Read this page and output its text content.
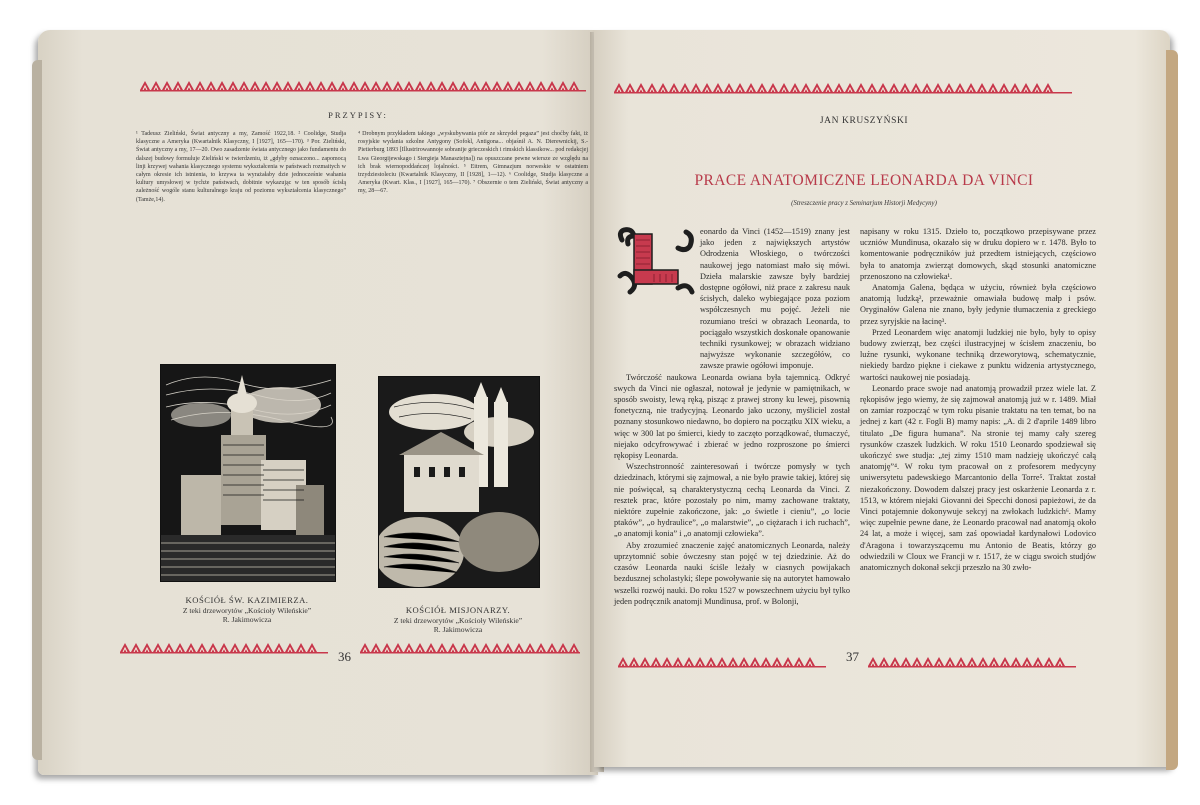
PRZYPISY:
¹ Tadeusz Zieliński, Świat antyczny a my, Zamość 1922,18. ² Coolidge, Studja klasyczne a Ameryka (Kwartalnik Klasyczny, I [1927], 165—170). ³ Por. Zieliński, Świat antyczny a my, 17—20. Owo zasadzenie świata antycznego jako fundamentu do dalszej budowy formuluje Zieliński w twierdzeniu, iż „gdyby oznaczono... zapomocą linji krzywej wahania klasycznego systemu wykształcenia w państwach rozmaitych w całym okresie ich istnienia, to krzywa ta wyrażałaby dzie jednocześnie wahania kultury umysłowej w tychże państwach, dobitnie wykazując w ten sposób ścisłą zależność wogóle stanu kulturalnego kraju od poziomu wykształcenia klasycznego” (Tamże,14).
⁴ Drobnym przykładem takiego „wyskubywania piór ze skrzydeł pegaza” jest choćby fakt, iż rosyjskie wydania szkolne Antygony (Sofokl, Antigona... objaśnił A. N. Dierewnickij, S.-Pietierburg 1893 [Illustrirowannoje sobranije grieczeskich i rimskich klassikow... pod redakcjej Lwa Gieorgijewskago i Siergieja Manasztejna]) na opuszczane pewne wiersze ze względu na ich brak wiernopoddańczej lojalności. ⁵ Eitrem, Gimnazjum norweskie w ostatniem trzydziestoleciu (Kwartalnik Klasyczny, II [1928], 1—12). ⁶ Coolidge, Studja klasyczne a Ameryka (Kwart. Klas., I [1927], 165—170). ⁷ Obszernie o tem Zieliński, Świat antyczny a my, 28—67.
KOŚCIÓŁ ŚW. KAZIMIERZA.
Z teki drzeworytów „Kościoły Wileńskie”
R. Jakimowicza
KOŚCIÓŁ MISJONARZY.
Z teki drzeworytów „Kościoły Wileńskie”
R. Jakimowicza
36
JAN KRUSZYŃSKI
PRACE ANATOMICZNE LEONARDA DA VINCI
(Streszczenie pracy z Seminarjum Historji Medycyny)

eonardo da Vinci (1452—1519) znany jest jako jeden z największych artystów Odrodzenia Włoskiego, o twórczości naukowej jego natomiast mało się mówi. Dzieła malarskie zawsze były bardziej dostępne ogółowi, niż prace z zakresu nauk ścisłych, daleko wybiegające poza poziom współczesnych mu pojęć. Jeżeli nie rozumiano treści w obrazach Leonarda, to pociągało wszystkich doskonałe opanowanie techniki rysunkowej; w obrazach widziano najwyższe wykonanie szczegółów, co zawsze prawie ogółowi imponuje.

Twórczość naukowa Leonarda owiana była tajemnicą. Odkryć swych da Vinci nie ogłaszał, notował je jedynie w pamiętnikach, w sposób swoisty, lewą ręką, pisząc z prawej strony ku lewej, pisownią fonetyczną, nie tradycyjną. Leonardo jako uczony, myśliciel został poznany stosunkowo niedawno, bo dopiero na początku XIX wieku, a więc w 300 lat po śmierci, kiedy to zaczęto porządkować, tłumaczyć, niejako odcyfrowywać i zbierać w jedno rozproszone po śmierci rękopisy Leonarda.

Wszechstronność zainteresowań i twórcze pomysły w tych dziedzinach, którymi się zajmował, a nie było prawie takiej, której się nie poświęcał, są charakterystyczną cechą Leonarda da Vinci. Z resztek prac, które pozostały po nim, mamy zachowane traktaty, niektóre zupełnie zakończone, jak: „o świetle i cieniu”, „o locie ptaków”, „o hydraulice”, „o malarstwie”, „o ciężarach i ich ruchach”, „o anatomji konia” i „o anatomji człowieka”.

Aby zrozumieć znaczenie zajęć anatomicznych Leonarda, należy uprzytomnić sobie ówczesny stan pojęć w tej dziedzinie. Aż do czasów Leonarda nauki ściśle leżały w ciasnych powijakach bezdusznej scholastyki; ślepe powoływanie się na autorytet hamowało wszelki rozwój nauki. Do roku 1527 w powszechnem użyciu był tylko jeden podręcznik anatomji Mundinusa, prof. w Bolonji,

napisany w roku 1315. Dzieło to, początkowo przepisywane przez uczniów Mundinusa, okazało się w druku dopiero w r. 1478. Było to komentowanie podręczników już przedtem istniejących, częściowo była to anatomja zwierząt domowych, skąd stosunki anatomiczne przenoszono na człowieka¹.

Anatomja Galena, będąca w użyciu, również była częściowo anatomją ludzką², przeważnie omawiała budowę małp i psów. Oryginałów Galena nie znano, były jedynie tłumaczenia z greckiego przez syryjskie na łacinę³.

Przed Leonardem więc anatomji ludzkiej nie było, były to opisy budowy zwierząt, bez części ilustracyjnej w ścisłem znaczeniu, bo luźne rysunki, wykonane techniką drzeworytową, schematycznie, niekiedy bardzo piękne i ciekawe z punktu widzenia artystycznego, wartości naukowej nie posiadają.

Leonardo prace swoje nad anatomją prowadził przez wiele lat. Z rękopisów jego wiemy, że się zajmował anatomją już w r. 1489. Miał on zamiar rozpocząć w tym roku pisanie traktatu na ten temat, bo na jednej z kart (42 r. Fogli B) mamy napis: „A. di 2 d'aprile 1489 libro titulato „De figura humana”. Na stronie tej mamy cały szereg rysunków czaszek ludzkich. W roku 1510 Leonardo spodziewał się ukończyć swe studja: „tej zimy 1510 mam nadzieję ukończyć całą anatomję”⁴. W roku tym pracował on z profesorem medycyny uniwersytetu padewskiego Marcantonio della Torre⁵. Traktat został niezakończony. Dowodem dalszej pracy jest oskarżenie Leonarda z r. 1513, w którem niejaki Giovanni dei Specchi donosi papieżowi, że da Vinci potajemnie dokonywuje sekcyj na zwłokach ludzkich⁶. Mamy więc zupełnie pewne dane, że Leonardo pracował nad anatomją około 24 lat, a może i więcej, sam zaś opowiadał kardynałowi Lodovico d'Aragona i towarzyszącemu mu Antonio de Beatis, którzy go odwiedzili w Cloux we Francji w r. 1517, że w ciągu swoich studjów anatomicznych dokonał sekcji przeszło na 30 zwło-

37
